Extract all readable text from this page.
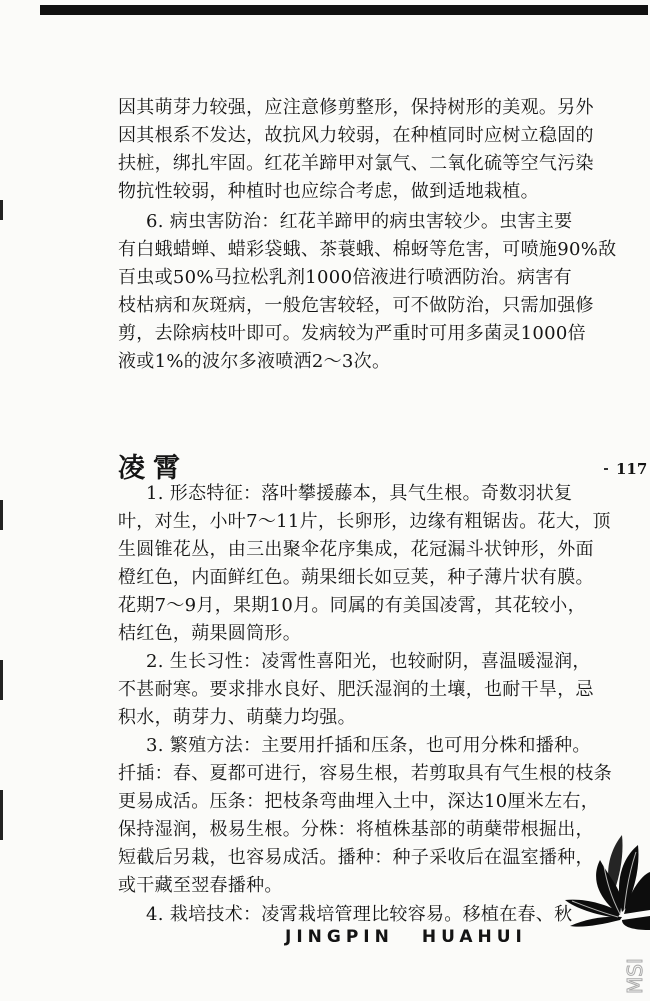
因其萌芽力较强，应注意修剪整形，保持树形的美观。另外
因其根系不发达，故抗风力较弱，在种植同时应树立稳固的
扶桩，绑扎牢固。红花羊蹄甲对氯气、二氧化硫等空气污染
物抗性较弱，种植时也应综合考虑，做到适地栽植。
6. 病虫害防治：红花羊蹄甲的病虫害较少。虫害主要
有白蛾蜡蝉、蜡彩袋蛾、茶蓑蛾、棉蚜等危害，可喷施90%敌
百虫或50%马拉松乳剂1000倍液进行喷洒防治。病害有
枝枯病和灰斑病，一般危害较轻，可不做防治，只需加强修
剪，去除病枝叶即可。发病较为严重时可用多菌灵1000倍
液或1%的波尔多液喷洒2～3次。
凌霄	117
1. 形态特征：落叶攀援藤本，具气生根。奇数羽状复
叶，对生，小叶7～11片，长卵形，边缘有粗锯齿。花大，顶
生圆锥花丛，由三出聚伞花序集成，花冠漏斗状钟形，外面
橙红色，内面鲜红色。蒴果细长如豆荚，种子薄片状有膜。
花期7～9月，果期10月。同属的有美国凌霄，其花较小，
桔红色，蒴果圆筒形。
2. 生长习性：凌霄性喜阳光，也较耐阴，喜温暖湿润，
不甚耐寒。要求排水良好、肥沃湿润的土壤，也耐干旱，忌
积水，萌芽力、萌蘖力均强。
3. 繁殖方法：主要用扦插和压条，也可用分株和播种。
扦插：春、夏都可进行，容易生根，若剪取具有气生根的枝条
更易成活。压条：把枝条弯曲埋入土中，深达10厘米左右，
保持湿润，极易生根。分株：将植株基部的萌蘖带根掘出，
短截后另栽，也容易成活。播种：种子采收后在温室播种，
或干藏至翌春播种。
4. 栽培技术：凌霄栽培管理比较容易。移植在春、秋
JINGPIN HUAHUI
MSI
